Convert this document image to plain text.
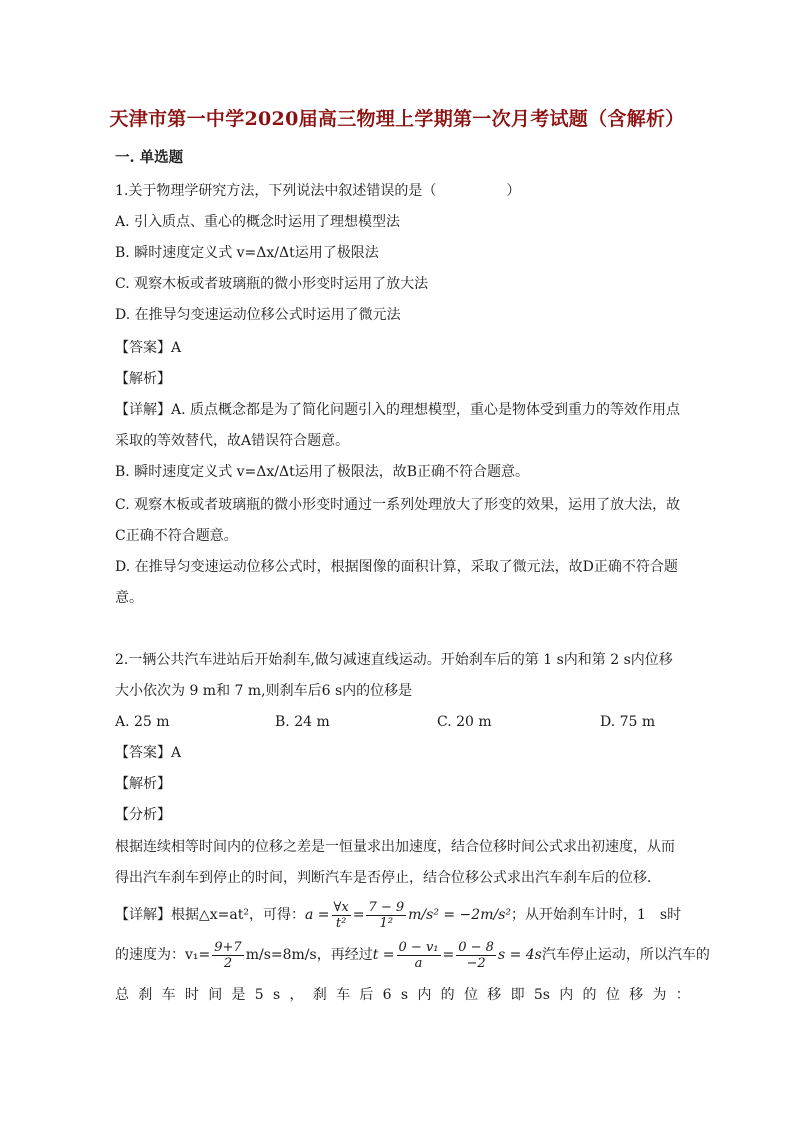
天津市第一中学2020届高三物理上学期第一次月考试题（含解析）
一. 单选题
1.关于物理学研究方法，下列说法中叙述错误的是（　　　　　）
A. 引入质点、重心的概念时运用了理想模型法
B. 瞬时速度定义式 v=Δx/Δt运用了极限法
C. 观察木板或者玻璃瓶的微小形变时运用了放大法
D. 在推导匀变速运动位移公式时运用了微元法
【答案】A
【解析】
【详解】A. 质点概念都是为了简化问题引入的理想模型，重心是物体受到重力的等效作用点
采取的等效替代，故A错误符合题意。
B. 瞬时速度定义式 v=Δx/Δt运用了极限法，故B正确不符合题意。
C. 观察木板或者玻璃瓶的微小形变时通过一系列处理放大了形变的效果，运用了放大法，故
C正确不符合题意。
D. 在推导匀变速运动位移公式时，根据图像的面积计算，采取了微元法，故D正确不符合题
意。
2.一辆公共汽车进站后开始刹车,做匀减速直线运动。开始刹车后的第 1 s内和第 2 s内位移
大小依次为 9 m和 7 m,则刹车后6 s内的位移是
A. 25 m	B. 24 m	C. 20 m	D. 75 m
【答案】A
【解析】
【分析】
根据连续相等时间内的位移之差是一恒量求出加速度，结合位移时间公式求出初速度，从而
得出汽车刹车到停止的时间，判断汽车是否停止，结合位移公式求出汽车刹车后的位移．
【详解】根据△x=at²，可得： $a = \frac{\forall x}{\text{t²}} = \frac{7 - 9}{\text{1²}} m/s^2 = -2m/s^2$ ；从开始刹车计时，1　s时
的速度为：$v_1= \frac{9+7}{2} m/s=8m/s$，再经过 $t = \frac{\text{0 − v₁}}{a} = \frac{0 - 8}{-2}$ s = 4s 汽车停止运动，所以汽车的
总 刹 车 时 间 是 5 s ， 刹 车 后 6 s 内 的 位 移 即 5s 内 的 位 移 为 ：
